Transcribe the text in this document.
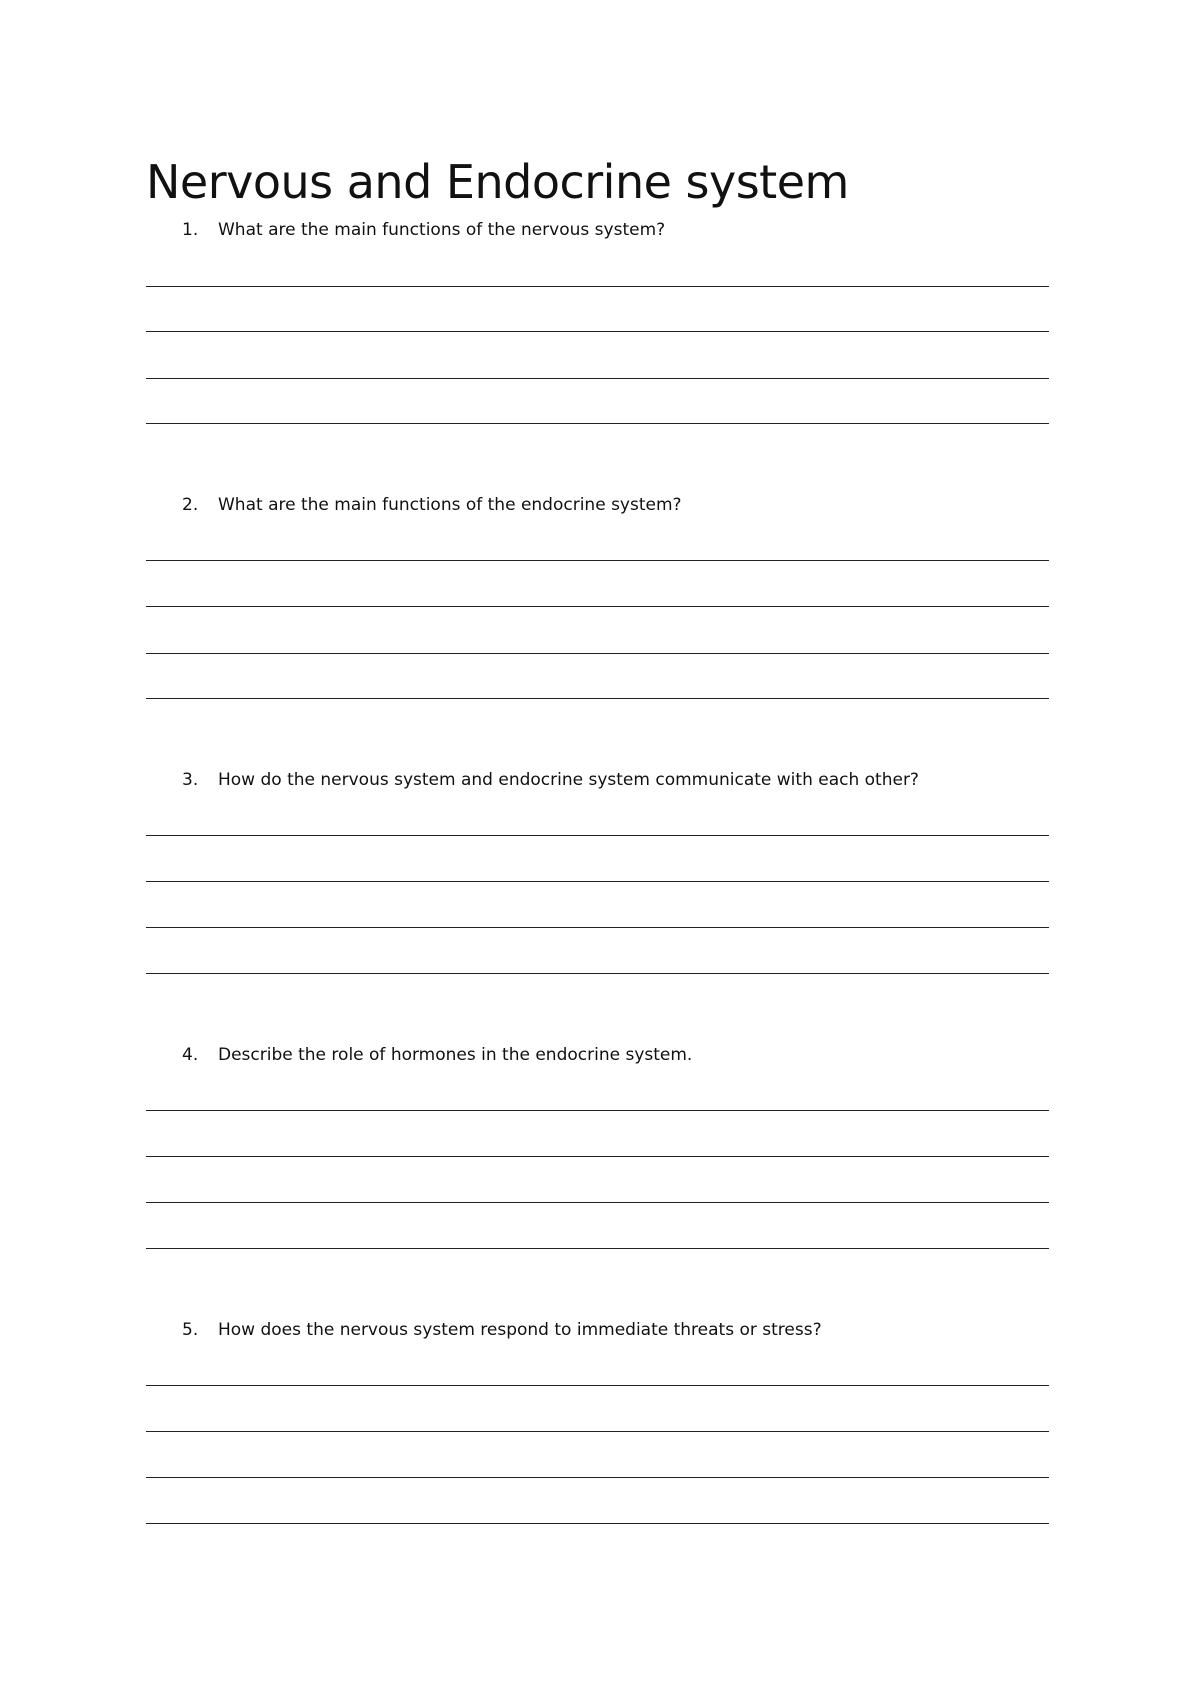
Nervous and Endocrine system
1.	What are the main functions of the nervous system?
2.	What are the main functions of the endocrine system?
3.	How do the nervous system and endocrine system communicate with each other?
4.	Describe the role of hormones in the endocrine system.
5.	How does the nervous system respond to immediate threats or stress?
